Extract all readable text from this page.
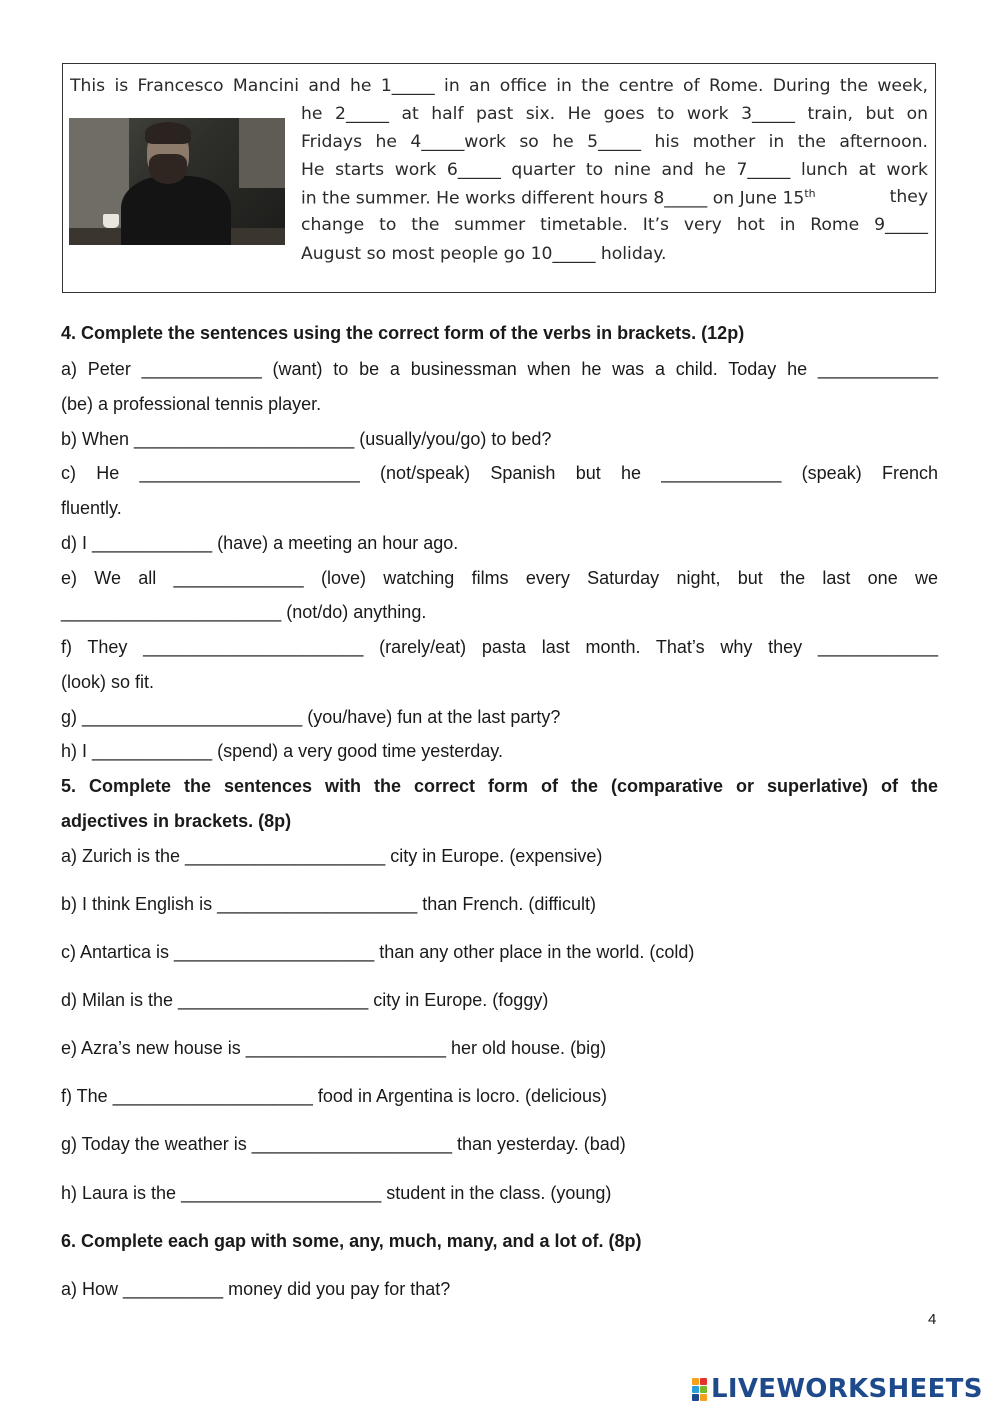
This is Francesco Mancini and he 1_____ in an office in the centre of Rome. During the week,
he 2_____ at half past six. He goes to work 3_____ train, but on
Fridays he 4_____work so he 5_____ his mother in the afternoon.
He starts work 6_____ quarter to nine and he 7_____ lunch at work
in the summer. He works different hours 8_____ on June 15th	they
change to the summer timetable. It’s very hot in Rome 9_____
August so most people go 10_____ holiday.
4. Complete the sentences using the correct form of the verbs in brackets. (12p)
a) Peter ____________ (want) to be a businessman when he was a child. Today he ____________
(be) a professional tennis player.
b) When ______________________ (usually/you/go) to bed?
c) He ______________________ (not/speak) Spanish but he ____________ (speak) French
fluently.
d) I ____________ (have) a meeting an hour ago.
e) We all _____________ (love) watching films every Saturday night, but the last one we
______________________ (not/do) anything.
f) They ______________________ (rarely/eat) pasta last month. That’s why they ____________
(look) so fit.
g) ______________________ (you/have) fun at the last party?
h) I ____________ (spend) a very good time yesterday.
5. Complete the sentences with the correct form of the (comparative or superlative) of the
adjectives in brackets. (8p)
a) Zurich is the ____________________ city in Europe. (expensive)
b) I think English is ____________________ than French. (difficult)
c) Antartica is ____________________ than any other place in the world. (cold)
d) Milan is the ___________________ city in Europe. (foggy)
e) Azra’s new house is ____________________ her old house. (big)
f) The ____________________ food in Argentina is locro. (delicious)
g) Today the weather is ____________________ than yesterday. (bad)
h) Laura is the ____________________ student in the class. (young)
6. Complete each gap with some, any, much, many, and a lot of. (8p)
a) How __________ money did you pay for that?
4
LIVEWORKSHEETS
